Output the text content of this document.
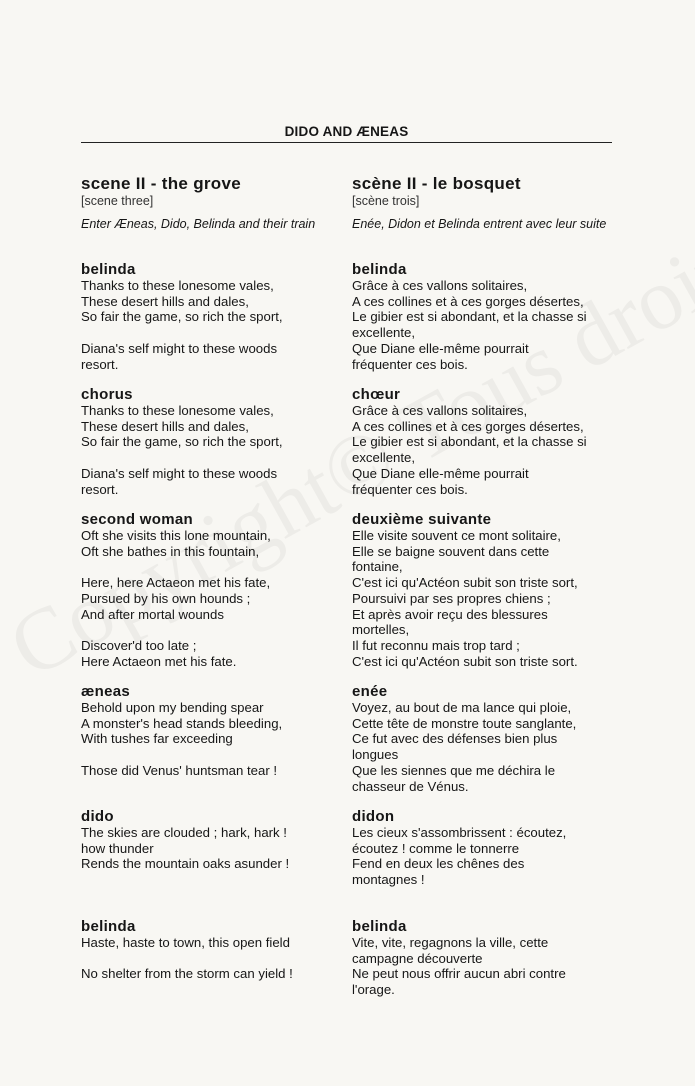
DIDO AND ÆNEAS
scene II - the grove
[scene three]
Enter Æneas, Dido, Belinda and their train
belinda
Thanks to these lonesome vales,
These desert hills and dales,
So fair the game, so rich the sport,
Diana's self might to these woods
resort.
chorus
Thanks to these lonesome vales,
These desert hills and dales,
So fair the game, so rich the sport,
Diana's self might to these woods
resort.
second woman
Oft she visits this lone mountain,
Oft she bathes in this fountain,
Here, here Actaeon met his fate,
Pursued by his own hounds ;
And after mortal wounds
Discover'd too late ;
Here Actaeon met his fate.
æneas
Behold upon my bending spear
A monster's head stands bleeding,
With tushes far exceeding
Those did Venus' huntsman tear !
dido
The skies are clouded ; hark, hark !
how thunder
Rends the mountain oaks asunder !
belinda
Haste, haste to town, this open field
No shelter from the storm can yield !
scène II - le bosquet
[scène trois]
Enée, Didon et Belinda entrent avec leur suite
belinda
Grâce à ces vallons solitaires,
A ces collines et à ces gorges désertes,
Le gibier est si abondant, et la chasse si
excellente,
Que Diane elle-même pourrait
fréquenter ces bois.
chœur
Grâce à ces vallons solitaires,
A ces collines et à ces gorges désertes,
Le gibier est si abondant, et la chasse si
excellente,
Que Diane elle-même pourrait
fréquenter ces bois.
deuxième suivante
Elle visite souvent ce mont solitaire,
Elle se baigne souvent dans cette
fontaine,
C'est ici qu'Actéon subit son triste sort,
Poursuivi par ses propres chiens ;
Et après avoir reçu des blessures
mortelles,
Il fut reconnu mais trop tard ;
C'est ici qu'Actéon subit son triste sort.
enée
Voyez, au bout de ma lance qui ploie,
Cette tête de monstre toute sanglante,
Ce fut avec des défenses bien plus
longues
Que les siennes que me déchira le
chasseur de Vénus.
didon
Les cieux s'assombrissent : écoutez,
écoutez ! comme le tonnerre
Fend en deux les chênes des
montagnes !
belinda
Vite, vite, regagnons la ville, cette
campagne découverte
Ne peut nous offrir aucun abri contre
l'orage.
